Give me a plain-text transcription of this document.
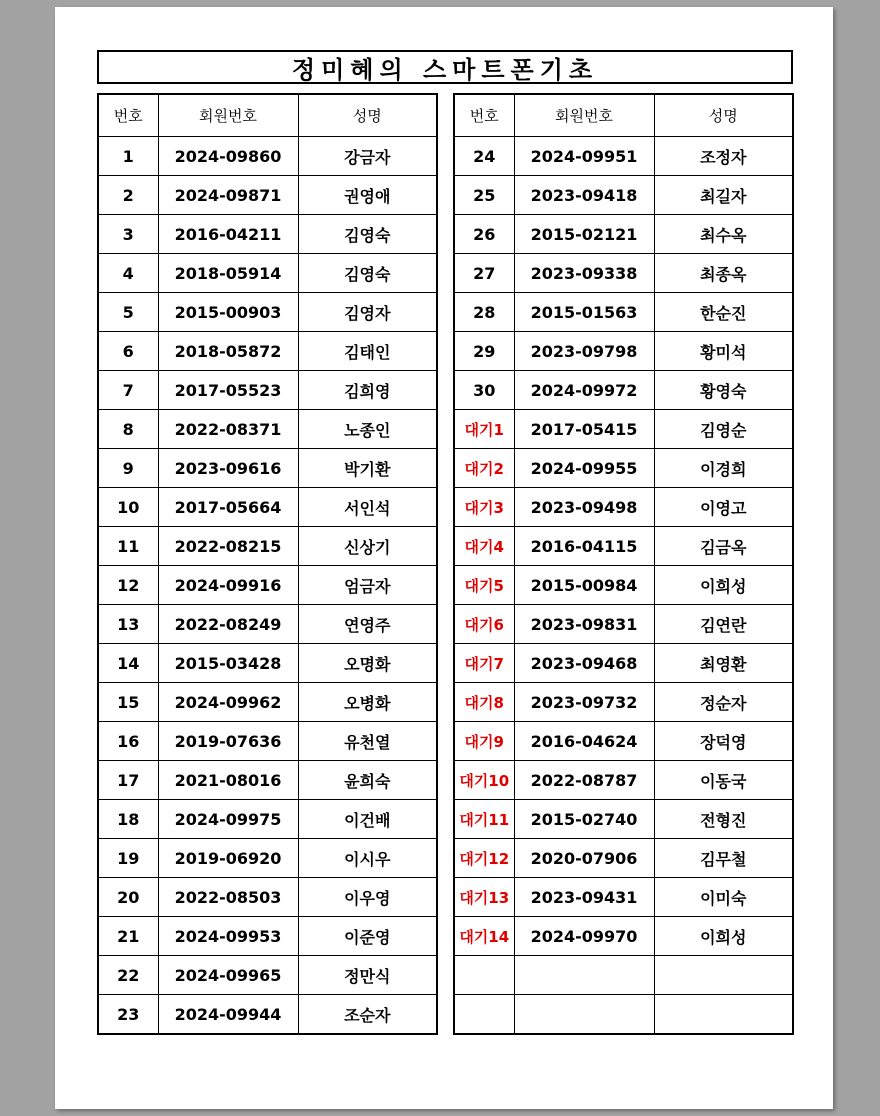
정미혜의 스마트폰기초
번호	회원번호	성명
1	2024-09860	강금자
2	2024-09871	권영애
3	2016-04211	김영숙
4	2018-05914	김영숙
5	2015-00903	김영자
6	2018-05872	김태인
7	2017-05523	김희영
8	2022-08371	노종인
9	2023-09616	박기환
10	2017-05664	서인석
11	2022-08215	신상기
12	2024-09916	엄금자
13	2022-08249	연영주
14	2015-03428	오명화
15	2024-09962	오병화
16	2019-07636	유천열
17	2021-08016	윤희숙
18	2024-09975	이건배
19	2019-06920	이시우
20	2022-08503	이우영
21	2024-09953	이준영
22	2024-09965	정만식
23	2024-09944	조순자
번호	회원번호	성명
24	2024-09951	조정자
25	2023-09418	최길자
26	2015-02121	최수옥
27	2023-09338	최종옥
28	2015-01563	한순진
29	2023-09798	황미석
30	2024-09972	황영숙
대기1	2017-05415	김영순
대기2	2024-09955	이경희
대기3	2023-09498	이영고
대기4	2016-04115	김금옥
대기5	2015-00984	이희성
대기6	2023-09831	김연란
대기7	2023-09468	최영환
대기8	2023-09732	정순자
대기9	2016-04624	장덕영
대기10	2022-08787	이동국
대기11	2015-02740	전형진
대기12	2020-07906	김무철
대기13	2023-09431	이미숙
대기14	2024-09970	이희성
